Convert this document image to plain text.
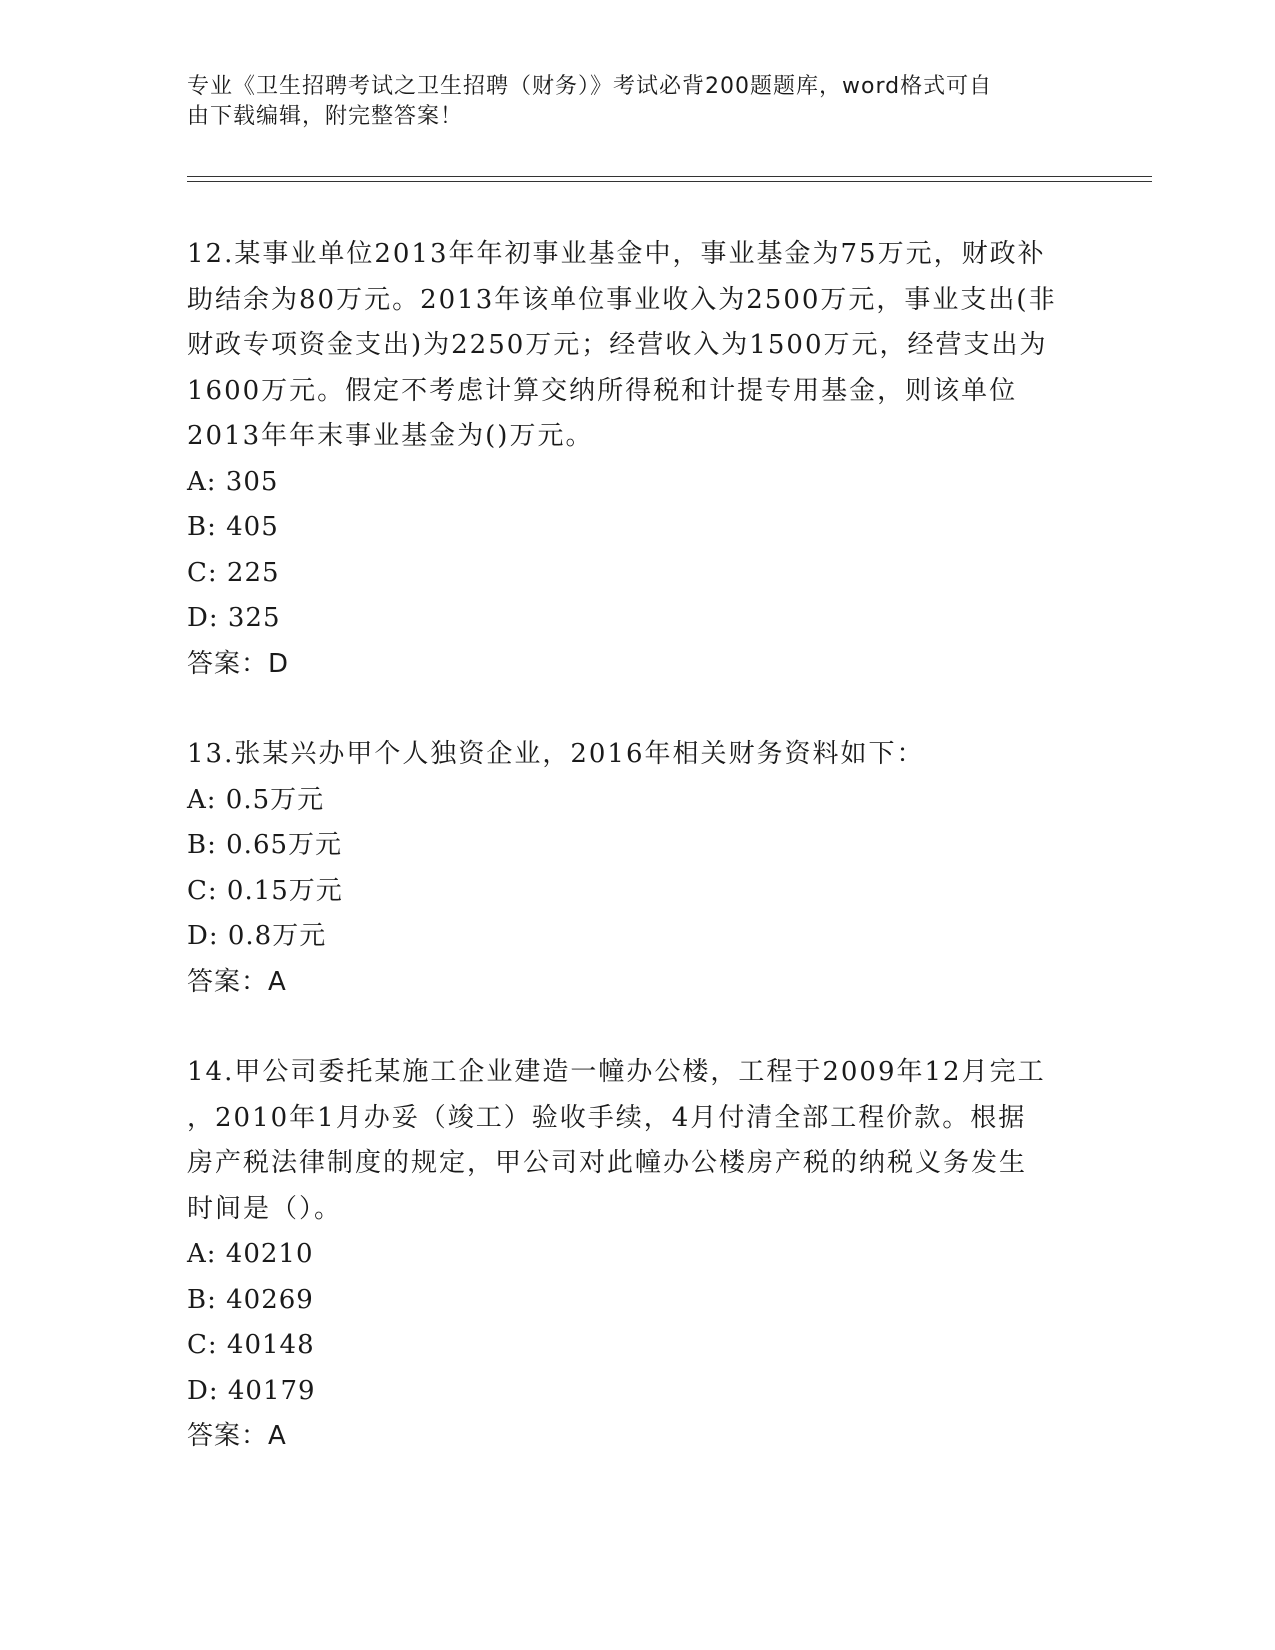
专业《卫生招聘考试之卫生招聘（财务）》考试必背200题题库，word格式可自
由下载编辑，附完整答案！

12.某事业单位2013年年初事业基金中，事业基金为75万元，财政补

助结余为80万元。2013年该单位事业收入为2500万元，事业支出(非

财政专项资金支出)为2250万元；经营收入为1500万元，经营支出为

1600万元。假定不考虑计算交纳所得税和计提专用基金，则该单位

2013年年末事业基金为()万元。

A: 305

B: 405

C: 225

D: 325

答案：D

13.张某兴办甲个人独资企业，2016年相关财务资料如下：

A: 0.5万元

B: 0.65万元

C: 0.15万元

D: 0.8万元

答案：A

14.甲公司委托某施工企业建造一幢办公楼，工程于2009年12月完工

，2010年1月办妥（竣工）验收手续，4月付清全部工程价款。根据

房产税法律制度的规定，甲公司对此幢办公楼房产税的纳税义务发生

时间是（）。

A: 40210

B: 40269

C: 40148

D: 40179

答案：A
